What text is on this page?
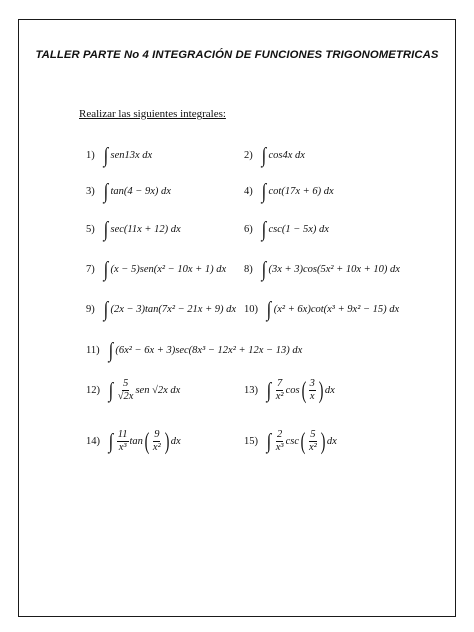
TALLER PARTE No 4 INTEGRACIÓN DE FUNCIONES TRIGONOMETRICAS
Realizar las siguientes integrales:
1) ∫ sen13x dx	2) ∫ cos4x dx
3) ∫ tan(4 − 9x) dx	4) ∫ cot(17x + 6) dx
5) ∫ sec(11x + 12) dx	6) ∫ csc(1 − 5x) dx
7) ∫ (x − 5)sen(x² − 10x + 1) dx 8) ∫ (3x + 3)cos(5x² + 10x + 10) dx
9) ∫ (2x − 3)tan(7x² − 21x + 9) dx 10) ∫ (x² + 6x)cot(x³ + 9x² − 15) dx
11) ∫ (6x² − 6x + 3)sec(8x³ − 12x² + 12x − 13) dx
12) ∫ $\frac{5}{√2x}$ sen √2x dx	13) ∫ $\frac{7}{\text{x²}}$ cos ( $\frac{3}{x}$ ) dx
14) ∫ $\frac{11}{\text{x³}}$ tan ( $\frac{9}{\text{x²}}$ ) dx	15) ∫ $\frac{2}{\text{x³}}$ csc ( $\frac{5}{\text{x²}}$ ) dx
